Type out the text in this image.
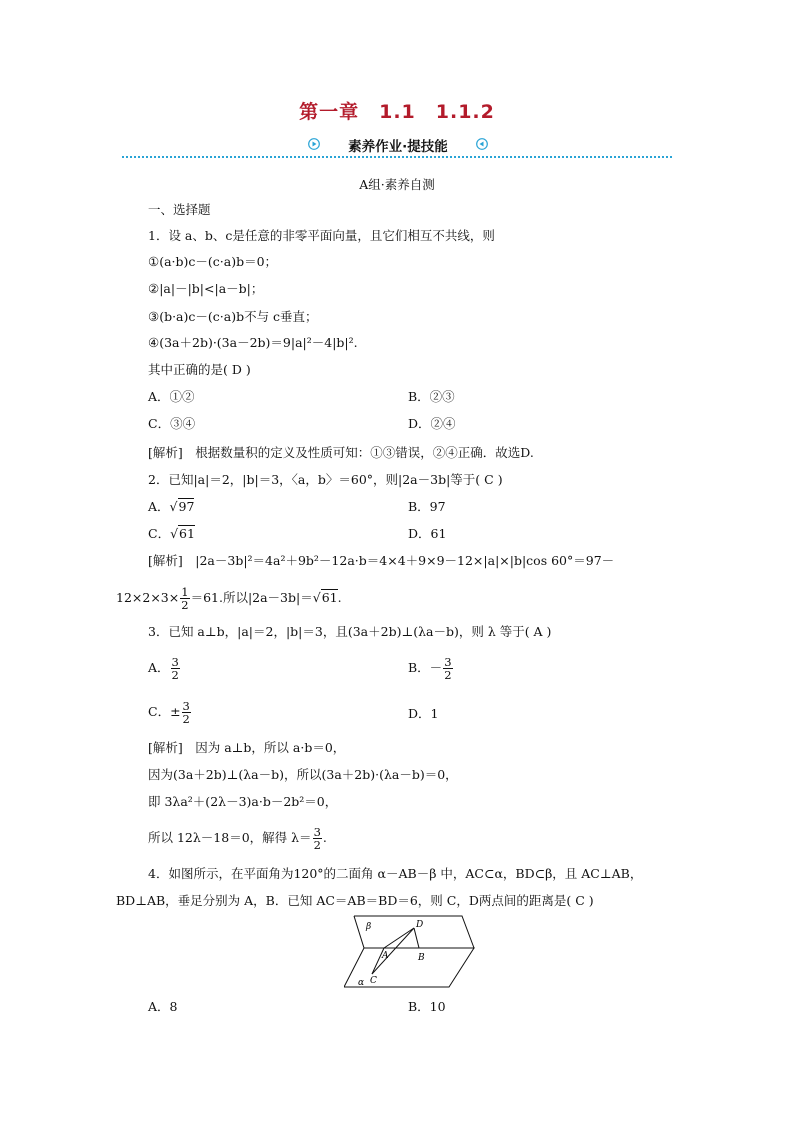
第一章　1.1　1.1.2
素养作业·提技能
A组·素养自测
一、选择题
1．设 a、b、c是任意的非零平面向量，且它们相互不共线，则
①(a·b)c－(c·a)b＝0；
②|a|－|b|<|a－b|；
③(b·a)c－(c·a)b不与 c垂直；
④(3a＋2b)·(3a－2b)＝9|a|²－4|b|².
其中正确的是( D )
A．①②	B．②③
C．③④	D．②④
[解析]　根据数量积的定义及性质可知：①③错误，②④正确．故选D.
2．已知|a|＝2，|b|＝3，〈a，b〉＝60°，则|2a－3b|等于( C )
A．√97	B．97
C．√61	D．61
[解析]　|2a－3b|²＝4a²＋9b²－12a·b＝4×4＋9×9－12×|a|×|b|cos 60°＝97－
$12\times 2\times 3\times \frac{1}{2} =61$.所以|2a－3b|＝√61.
3．已知 a⊥b，|a|＝2，|b|＝3，且(3a＋2b)⊥(λa－b)，则 λ 等于( A )
A． $\frac{3}{2}$	B．－ $\frac{3}{2}$
C．± $\frac{3}{2}$	D．1
[解析]　因为 a⊥b，所以 a·b＝0，
因为(3a＋2b)⊥(λa－b)，所以(3a＋2b)·(λa－b)＝0，
即 3λa²＋(2λ－3)a·b－2b²＝0，
所以 12λ－18＝0，解得 $\lambda= \frac{3}{2}$ .
4．如图所示，在平面角为120°的二面角 α－AB－β 中，AC⊂α，BD⊂β，且 AC⊥AB，
BD⊥AB，垂足分别为 A，B．已知 AC＝AB＝BD＝6，则 C，D两点间的距离是( C )
β
α
A	B
C
D
A．8	B．10
